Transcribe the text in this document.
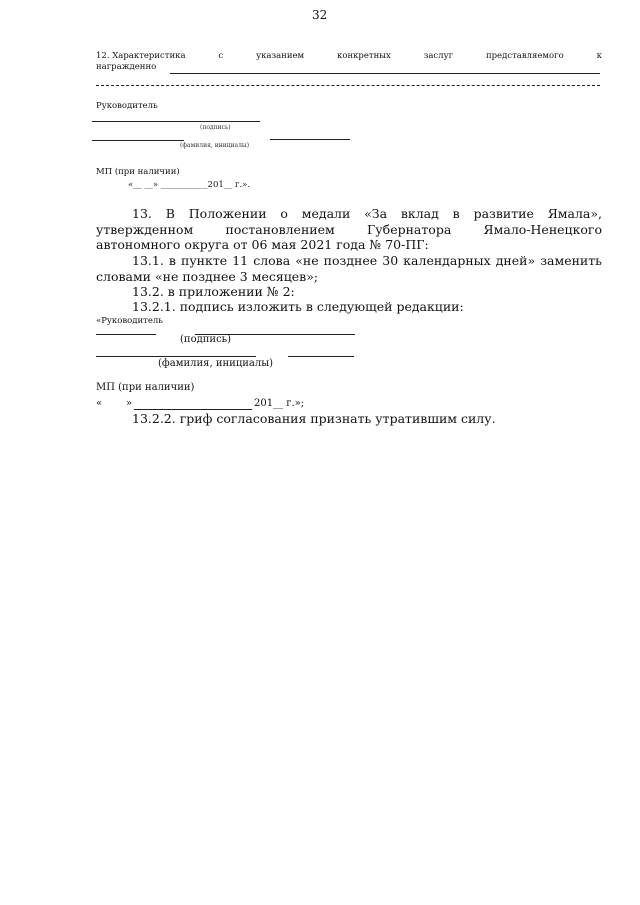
32
12. Характеристика	с	указанием	конкретных	заслуг	представляемого	к
награжденно
Руководитель
(подпись)
(фамилия, инициалы)
МП (при наличии)
«__ __» ___________201__ г.».
13. В Положении о медали «За вклад в развитие Ямала», утвержденном постановлением Губернатора Ямало-Ненецкого автономного округа от 06 мая 2021 года № 70-ПГ:
13.1. в пункте 11 слова «не позднее 30 календарных дней» заменить словами «не позднее 3 месяцев»;
13.2. в приложении № 2:
13.2.1. подпись изложить в следующей редакции:
«Руководитель
(подпись)
(фамилия, инициалы)
МП (при наличии)
« »	201__ г.»;
13.2.2. гриф согласования признать утратившим силу.
